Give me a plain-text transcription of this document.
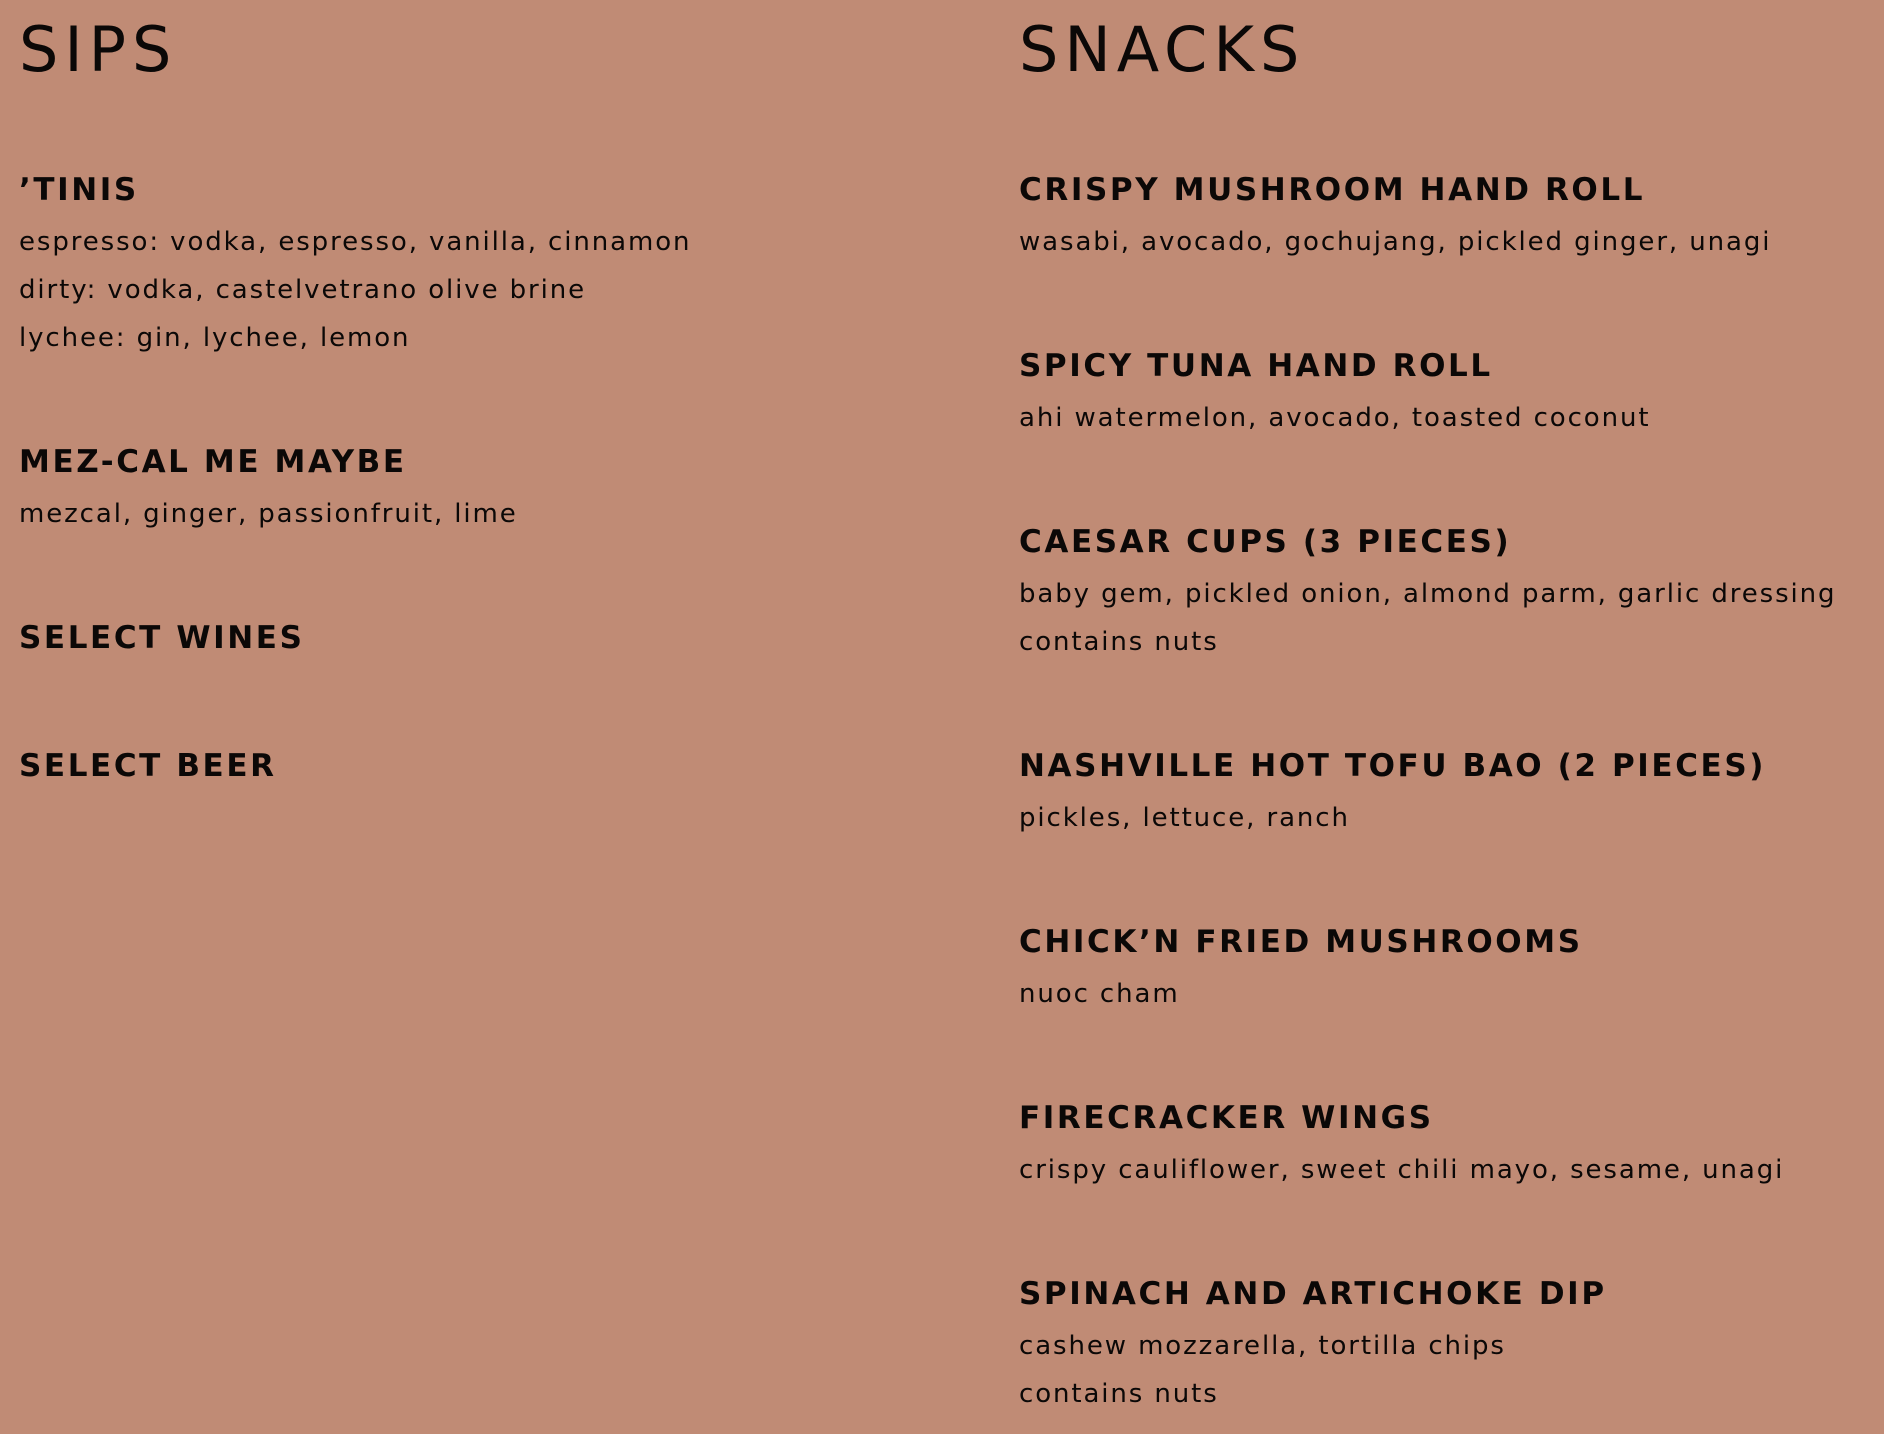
SIPS
’TINIS
espresso: vodka, espresso, vanilla, cinnamon
dirty: vodka, castelvetrano olive brine
lychee: gin, lychee, lemon
MEZ-CAL ME MAYBE
mezcal, ginger, passionfruit, lime
SELECT WINES
SELECT BEER
SNACKS
CRISPY MUSHROOM HAND ROLL
wasabi, avocado, gochujang, pickled ginger, unagi
SPICY TUNA HAND ROLL
ahi watermelon, avocado, toasted coconut
CAESAR CUPS (3 PIECES)
baby gem, pickled onion, almond parm, garlic dressing
contains nuts
NASHVILLE HOT TOFU BAO (2 PIECES)
pickles, lettuce, ranch
CHICK’N FRIED MUSHROOMS
nuoc cham
FIRECRACKER WINGS
crispy cauliflower, sweet chili mayo, sesame, unagi
SPINACH AND ARTICHOKE DIP
cashew mozzarella, tortilla chips
contains nuts
